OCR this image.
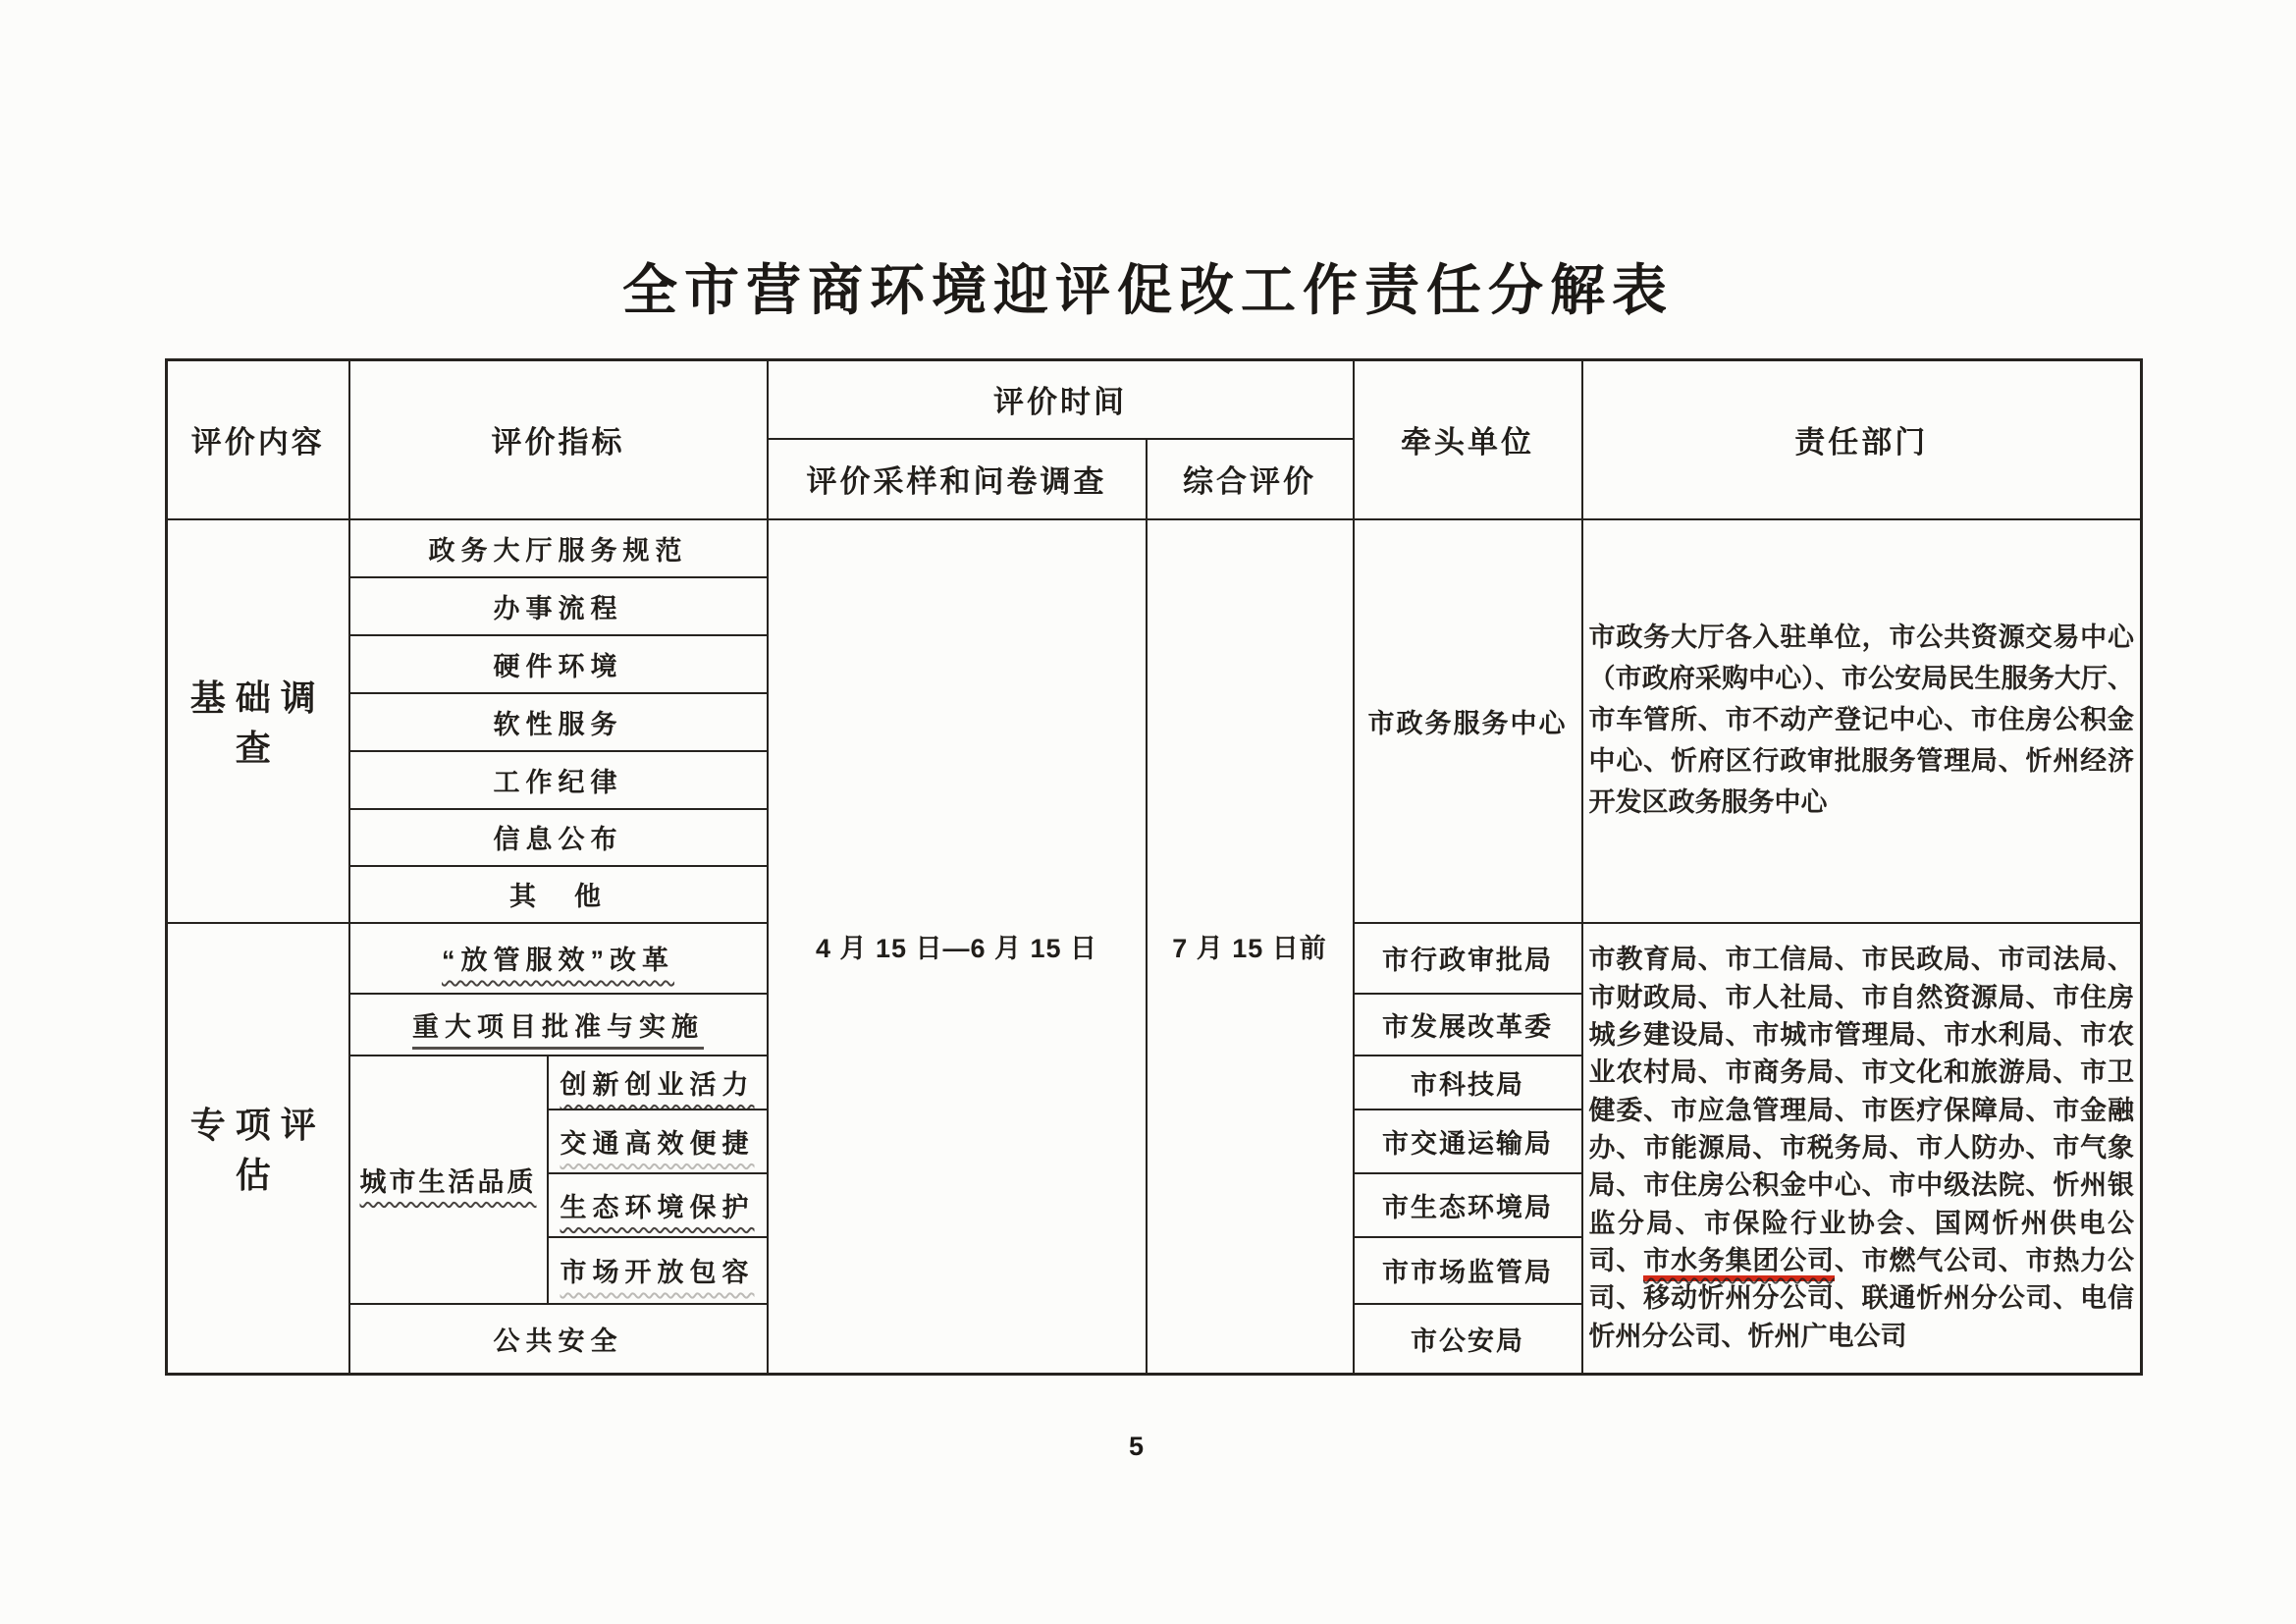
全市营商环境迎评促改工作责任分解表
评价内容	评价指标		评价时间		牵头单位	责任部门
			评价采样和问卷调查	综合评价		
基础调查	政务大厅服务规范		4 月 15 日—6 月 15 日	7 月 15 日前	市政务服务中心	市政务大厅各入驻单位，市公共资源交易中心（市政府采购中心）、市公安局民生服务大厅、市车管所、市不动产登记中心、市住房公积金中心、忻府区行政审批服务管理局、忻州经济开发区政务服务中心

	办事流程					
	硬件环境					
	软性服务					
	工作纪律					
	信息公布					
	其　他					
专项评估	“放管服效”改革				市行政审批局	市教育局、市工信局、市民政局、市司法局、市财政局、市人社局、市自然资源局、市住房城乡建设局、市城市管理局、市水利局、市农业农村局、市商务局、市文化和旅游局、市卫健委、市应急管理局、市医疗保障局、市金融办、市能源局、市税务局、市人防办、市气象局、市住房公积金中心、市中级法院、忻州银监分局、市保险行业协会、国网忻州供电公司、市水务集团公司、市燃气公司、市热力公司、移动忻州分公司、联通忻州分公司、电信忻州分公司、忻州广电公司

	重大项目批准与实施				市发展改革委	
	城市生活品质	创新创业活力			市科技局	
		交通高效便捷			市交通运输局	
		生态环境保护			市生态环境局	
		市场开放包容			市市场监管局	
	公共安全				市公安局	
5
